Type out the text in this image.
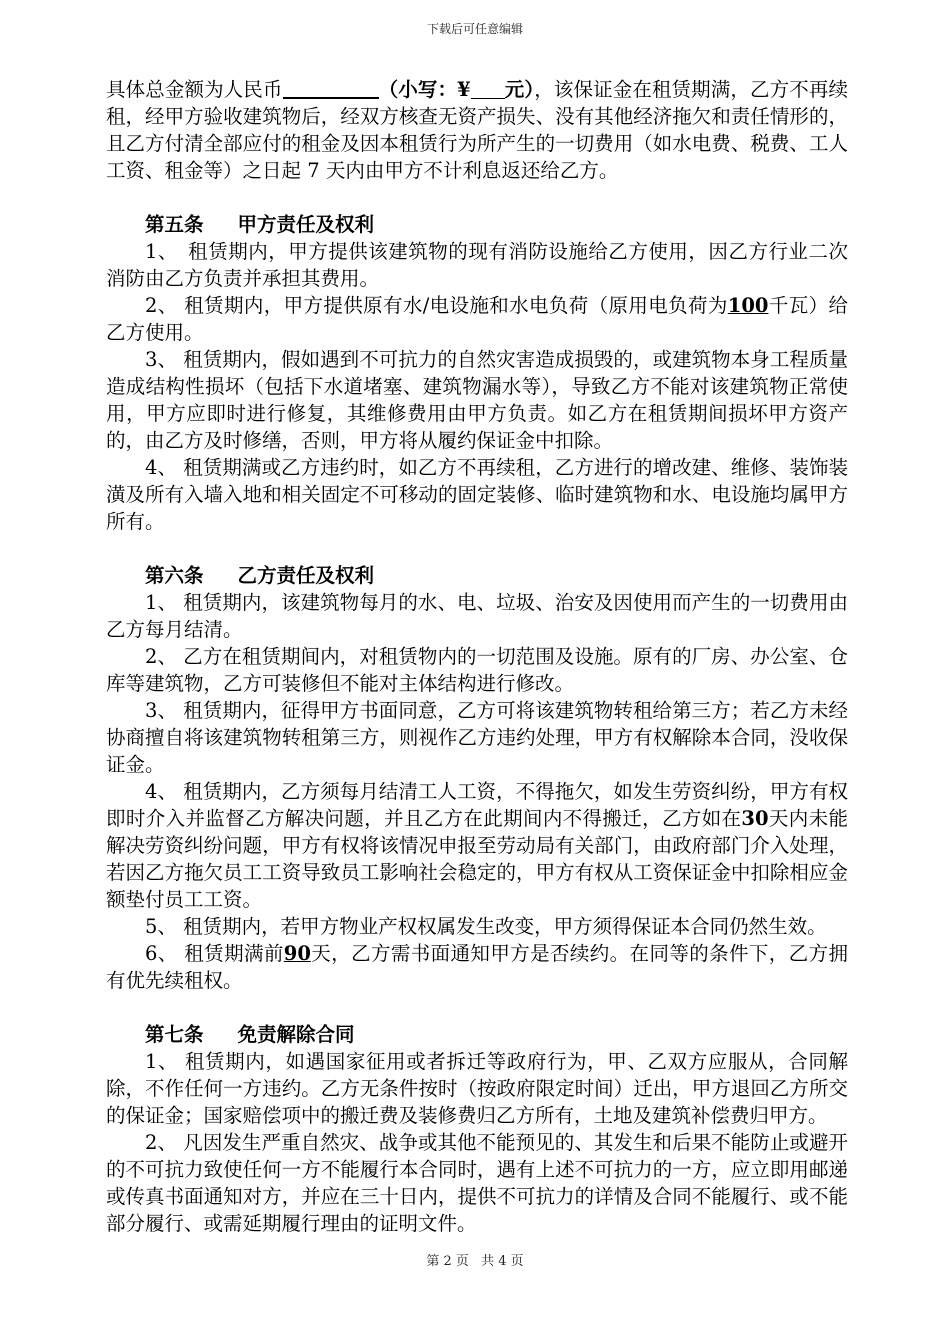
下载后可任意编辑

具体总金额为人民币	（小写：¥ 元），该保证金在租赁期满，乙方不再续租，经甲方验收建筑物后，经双方核查无资产损失、没有其他经济拖欠和责任情形的，且乙方付清全部应付的租金及因本租赁行为所产生的一切费用（如水电费、税费、工人工资、租金等）之日起 7 天内由甲方不计利息返还给乙方。

第五条 甲方责任及权利

1、　租赁期内，甲方提供该建筑物的现有消防设施给乙方使用，因乙方行业二次消防由乙方负责并承担其费用。

2、 租赁期内，甲方提供原有水/电设施和水电负荷（原用电负荷为100千瓦）给乙方使用。

3、 租赁期内，假如遇到不可抗力的自然灾害造成损毁的，或建筑物本身工程质量造成结构性损坏（包括下水道堵塞、建筑物漏水等），导致乙方不能对该建筑物正常使用，甲方应即时进行修复，其维修费用由甲方负责。如乙方在租赁期间损坏甲方资产的，由乙方及时修缮，否则，甲方将从履约保证金中扣除。

4、 租赁期满或乙方违约时，如乙方不再续租，乙方进行的增改建、维修、装饰装潢及所有入墙入地和相关固定不可移动的固定装修、临时建筑物和水、电设施均属甲方所有。

第六条 乙方责任及权利

1、 租赁期内，该建筑物每月的水、电、垃圾、治安及因使用而产生的一切费用由乙方每月结清。

2、 乙方在租赁期间内，对租赁物内的一切范围及设施。原有的厂房、办公室、仓库等建筑物，乙方可装修但不能对主体结构进行修改。

3、 租赁期内，征得甲方书面同意，乙方可将该建筑物转租给第三方；若乙方未经协商擅自将该建筑物转租第三方，则视作乙方违约处理，甲方有权解除本合同，没收保证金。

4、 租赁期内，乙方须每月结清工人工资，不得拖欠，如发生劳资纠纷，甲方有权即时介入并监督乙方解决问题，并且乙方在此期间内不得搬迁，乙方如在30天内未能解决劳资纠纷问题，甲方有权将该情况申报至劳动局有关部门，由政府部门介入处理，若因乙方拖欠员工工资导致员工影响社会稳定的，甲方有权从工资保证金中扣除相应金额垫付员工工资。

5、 租赁期内，若甲方物业产权权属发生改变，甲方须得保证本合同仍然生效。

6、 租赁期满前90天，乙方需书面通知甲方是否续约。在同等的条件下，乙方拥有优先续租权。

第七条 免责解除合同

1、 租赁期内，如遇国家征用或者拆迁等政府行为，甲、乙双方应服从，合同解除，不作任何一方违约。乙方无条件按时（按政府限定时间）迁出，甲方退回乙方所交的保证金；国家赔偿项中的搬迁费及装修费归乙方所有，土地及建筑补偿费归甲方。

2、 凡因发生严重自然灾、战争或其他不能预见的、其发生和后果不能防止或避开的不可抗力致使任何一方不能履行本合同时，遇有上述不可抗力的一方，应立即用邮递或传真书面通知对方，并应在三十日内，提供不可抗力的详情及合同不能履行、或不能部分履行、或需延期履行理由的证明文件。

第 2 页 共 4 页
